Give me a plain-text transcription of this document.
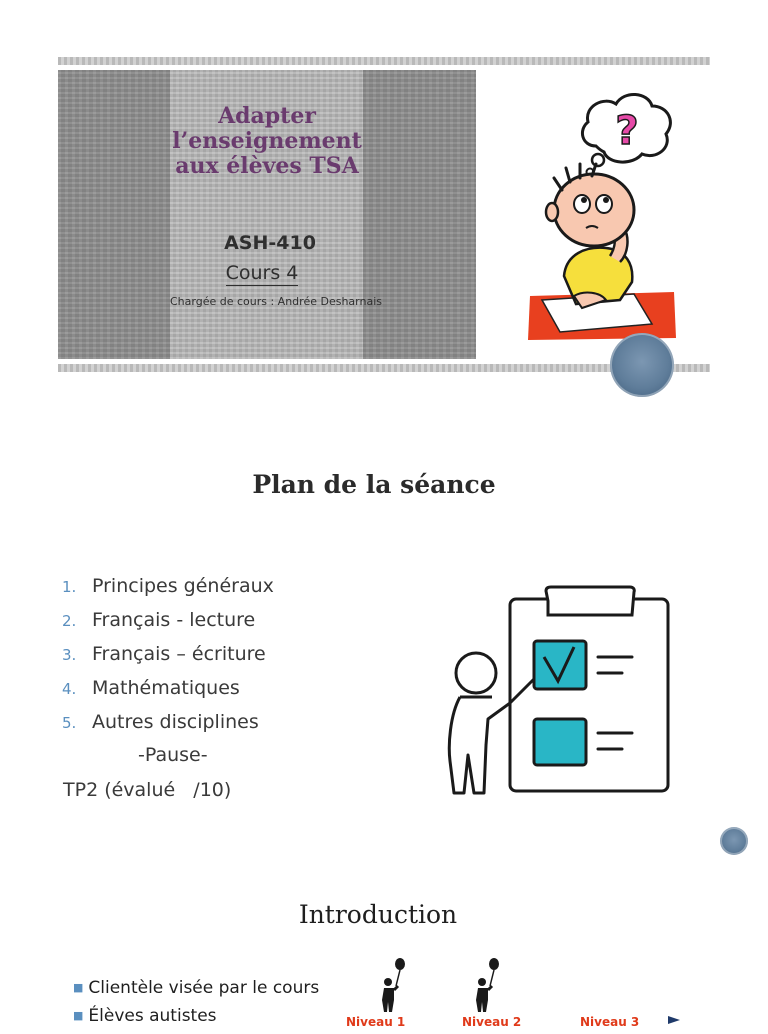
Adapter
l’enseignement
aux élèves TSA
ASH-410
Cours 4
Chargée de cours : Andrée Desharnais
?
Plan de la séance
1. Principes généraux
2. Français - lecture
3. Français – écriture
4. Mathématiques
5. Autres disciplines
-Pause-
TP2 (évalué   /10)
Introduction
■ Clientèle visée par le cours
■ Élèves autistes	Niveau 1	Niveau 2	Niveau 3
